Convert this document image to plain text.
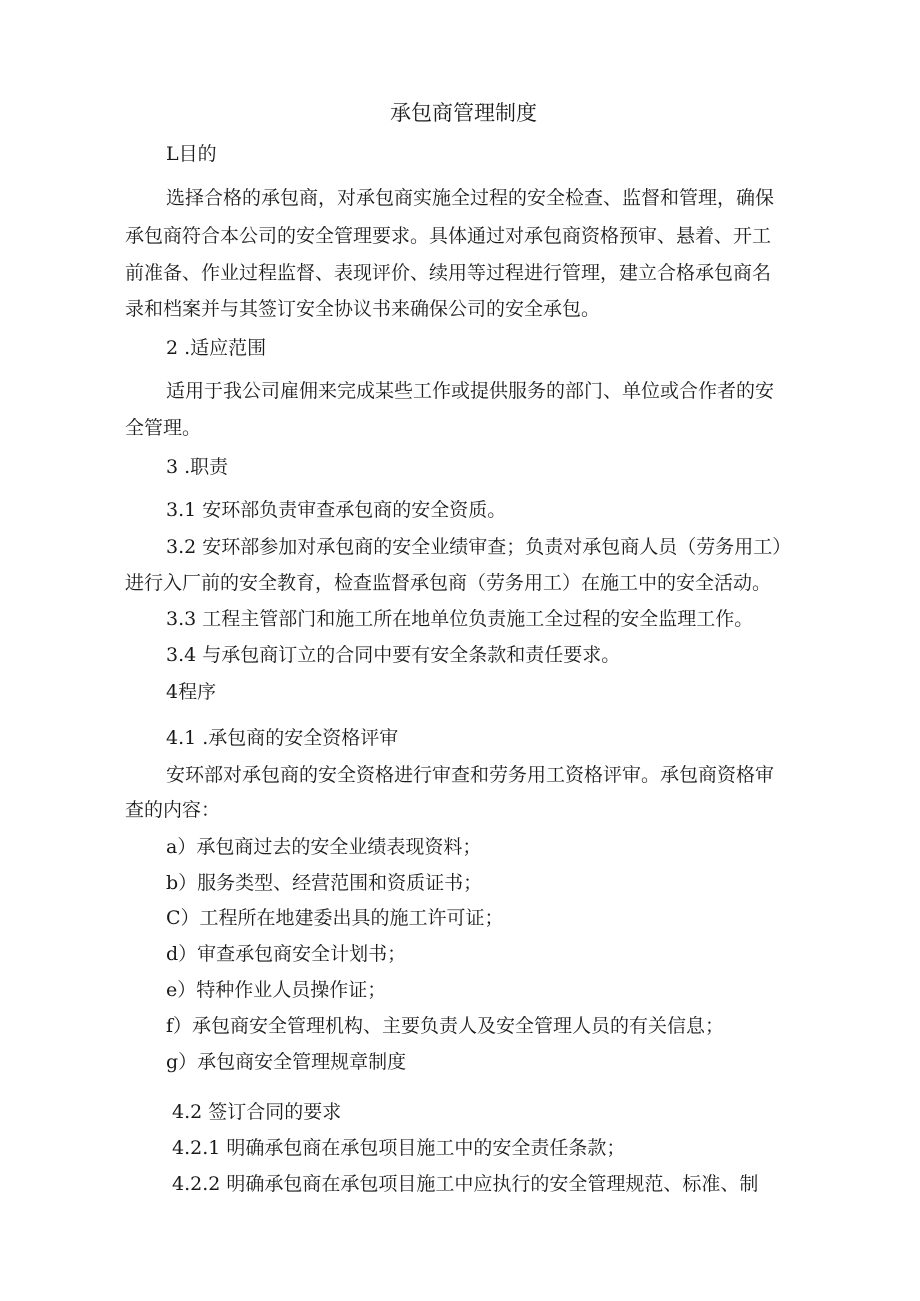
承包商管理制度
L目的
选择合格的承包商，对承包商实施全过程的安全检查、监督和管理，确保
承包商符合本公司的安全管理要求。具体通过对承包商资格预审、悬着、开工
前准备、作业过程监督、表现评价、续用等过程进行管理，建立合格承包商名
录和档案并与其签订安全协议书来确保公司的安全承包。
2 .适应范围
适用于我公司雇佣来完成某些工作或提供服务的部门、单位或合作者的安
全管理。
3 .职责
3.1 安环部负责审查承包商的安全资质。
3.2 安环部参加对承包商的安全业绩审查；负责对承包商人员（劳务用工）
进行入厂前的安全教育，检查监督承包商（劳务用工）在施工中的安全活动。
3.3 工程主管部门和施工所在地单位负责施工全过程的安全监理工作。
3.4 与承包商订立的合同中要有安全条款和责任要求。
4程序
4.1 .承包商的安全资格评审
安环部对承包商的安全资格进行审查和劳务用工资格评审。承包商资格审
查的内容：
a）承包商过去的安全业绩表现资料；
b）服务类型、经营范围和资质证书；
C）工程所在地建委出具的施工许可证；
d）审查承包商安全计划书；
e）特种作业人员操作证；
f）承包商安全管理机构、主要负责人及安全管理人员的有关信息；
g）承包商安全管理规章制度
4.2 签订合同的要求
4.2.1 明确承包商在承包项目施工中的安全责任条款；
4.2.2 明确承包商在承包项目施工中应执行的安全管理规范、标准、制
